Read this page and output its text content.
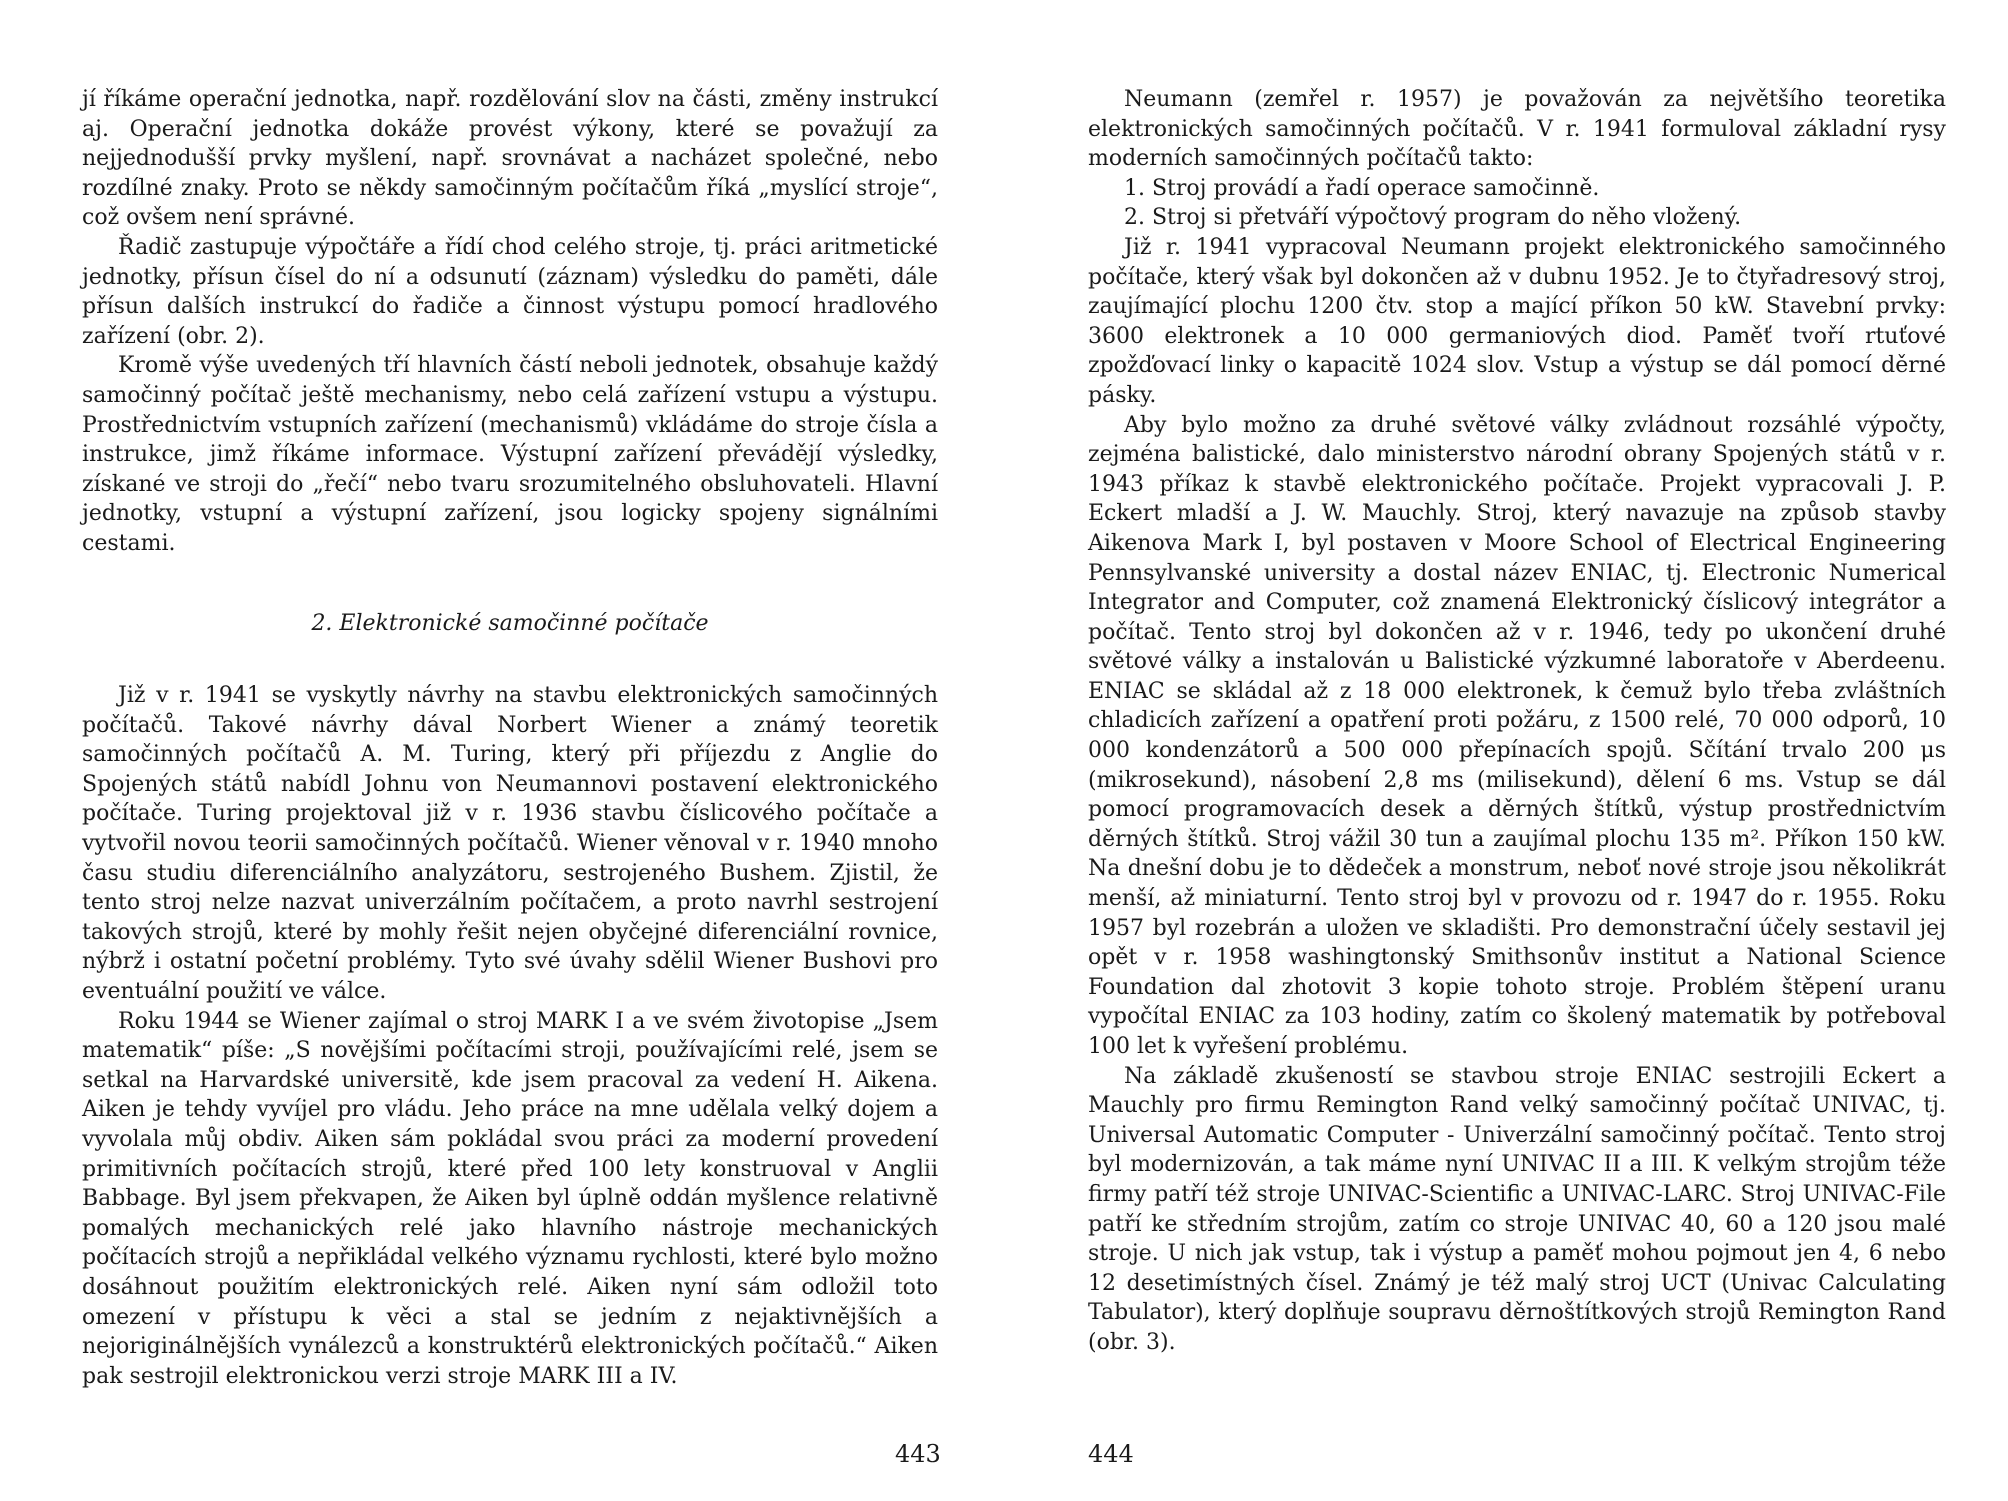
jí říkáme operační jednotka, např. rozdělování slov na části, změny instrukcí aj. Operační jednotka dokáže provést výkony, které se považují za nejjednodušší prvky myšlení, např. srovnávat a nacházet společné, nebo rozdílné znaky. Proto se někdy samočinným počítačům říká „myslící stroje“, což ovšem není správné.

Řadič zastupuje výpočtáře a řídí chod celého stroje, tj. práci aritmetické jednotky, přísun čísel do ní a odsunutí (záznam) výsledku do paměti, dále přísun dalších instrukcí do řadiče a činnost výstupu pomocí hradlového zařízení (obr. 2).

Kromě výše uvedených tří hlavních částí neboli jednotek, obsahuje každý samočinný počítač ještě mechanismy, nebo celá zařízení vstupu a výstupu. Prostřednictvím vstupních zařízení (mechanismů) vkládáme do stroje čísla a instrukce, jimž říkáme informace. Výstupní zařízení převádějí výsledky, získané ve stroji do „řečí“ nebo tvaru srozumitelného obsluhovateli. Hlavní jednotky, vstupní a výstupní zařízení, jsou logicky spojeny signálními cestami.

2. Elektronické samočinné počítače

Již v r. 1941 se vyskytly návrhy na stavbu elektronických samočinných počítačů. Takové návrhy dával Norbert Wiener a známý teoretik samočinných počítačů A. M. Turing, který při příjezdu z Anglie do Spojených států nabídl Johnu von Neumannovi postavení elektronického počítače. Turing projektoval již v r. 1936 stavbu číslicového počítače a vytvořil novou teorii samočinných počítačů. Wiener věnoval v r. 1940 mnoho času studiu diferenciálního analyzátoru, sestrojeného Bushem. Zjistil, že tento stroj nelze nazvat univerzálním počítačem, a proto navrhl sestrojení takových strojů, které by mohly řešit nejen obyčejné diferenciální rovnice, nýbrž i ostatní početní problémy. Tyto své úvahy sdělil Wiener Bushovi pro eventuální použití ve válce.

Roku 1944 se Wiener zajímal o stroj MARK I a ve svém životopise „Jsem matematik“ píše: „S novějšími počítacími stroji, používajícími relé, jsem se setkal na Harvardské universitě, kde jsem pracoval za vedení H. Aikena. Aiken je tehdy vyvíjel pro vládu. Jeho práce na mne udělala velký dojem a vyvolala můj obdiv. Aiken sám pokládal svou práci za moderní provedení primitivních počítacích strojů, které před 100 lety konstruoval v Anglii Babbage. Byl jsem překvapen, že Aiken byl úplně oddán myšlence relativně pomalých mechanických relé jako hlavního nástroje mechanických počítacích strojů a nepřikládal velkého významu rychlosti, které bylo možno dosáhnout použitím elektronických relé. Aiken nyní sám odložil toto omezení v přístupu k věci a stal se jedním z nejaktivnějších a nejoriginálnějších vynálezců a konstruktérů elektronických počítačů.“ Aiken pak sestrojil elektronickou verzi stroje MARK III a IV.

443

Neumann (zemřel r. 1957) je považován za největšího teoretika elektronických samočinných počítačů. V r. 1941 formuloval základní rysy moderních samočinných počítačů takto:

1. Stroj provádí a řadí operace samočinně.

2. Stroj si přetváří výpočtový program do něho vložený.

Již r. 1941 vypracoval Neumann projekt elektronického samočinného počítače, který však byl dokončen až v dubnu 1952. Je to čtyřadresový stroj, zaujímající plochu 1200 čtv. stop a mající příkon 50 kW. Stavební prvky: 3600 elektronek a 10 000 germaniových diod. Paměť tvoří rtuťové zpožďovací linky o kapacitě 1024 slov. Vstup a výstup se dál pomocí děrné pásky.

Aby bylo možno za druhé světové války zvládnout rozsáhlé výpočty, zejména balistické, dalo ministerstvo národní obrany Spojených států v r. 1943 příkaz k stavbě elektronického počítače. Projekt vypracovali J. P. Eckert mladší a J. W. Mauchly. Stroj, který navazuje na způsob stavby Aikenova Mark I, byl postaven v Moore School of Electrical Engineering Pennsylvanské university a dostal název ENIAC, tj. Electronic Numerical Integrator and Computer, což znamená Elektronický číslicový integrátor a počítač. Tento stroj byl dokončen až v r. 1946, tedy po ukončení druhé světové války a instalován u Balistické výzkumné laboratoře v Aberdeenu. ENIAC se skládal až z 18 000 elektronek, k čemuž bylo třeba zvláštních chladicích zařízení a opatření proti požáru, z 1500 relé, 70 000 odporů, 10 000 kondenzátorů a 500 000 přepínacích spojů. Sčítání trvalo 200 μs (mikrosekund), násobení 2,8 ms (milisekund), dělení 6 ms. Vstup se dál pomocí programovacích desek a děrných štítků, výstup prostřednictvím děrných štítků. Stroj vážil 30 tun a zaujímal plochu 135 m². Příkon 150 kW. Na dnešní dobu je to dědeček a monstrum, neboť nové stroje jsou několikrát menší, až miniaturní. Tento stroj byl v provozu od r. 1947 do r. 1955. Roku 1957 byl rozebrán a uložen ve skladišti. Pro demonstrační účely sestavil jej opět v r. 1958 washingtonský Smithsonův institut a National Science Foundation dal zhotovit 3 kopie tohoto stroje. Problém štěpení uranu vypočítal ENIAC za 103 hodiny, zatím co školený matematik by potřeboval 100 let k vyřešení problému.

Na základě zkušeností se stavbou stroje ENIAC sestrojili Eckert a Mauchly pro firmu Remington Rand velký samočinný počítač UNIVAC, tj. Universal Automatic Computer - Univerzální samočinný počítač. Tento stroj byl modernizován, a tak máme nyní UNIVAC II a III. K velkým strojům téže firmy patří též stroje UNIVAC-Scientific a UNIVAC-LARC. Stroj UNIVAC-File patří ke středním strojům, zatím co stroje UNIVAC 40, 60 a 120 jsou malé stroje. U nich jak vstup, tak i výstup a paměť mohou pojmout jen 4, 6 nebo 12 desetimístných čísel. Známý je též malý stroj UCT (Univac Calculating Tabulator), který doplňuje soupravu děrnoštítkových strojů Remington Rand (obr. 3).

444
